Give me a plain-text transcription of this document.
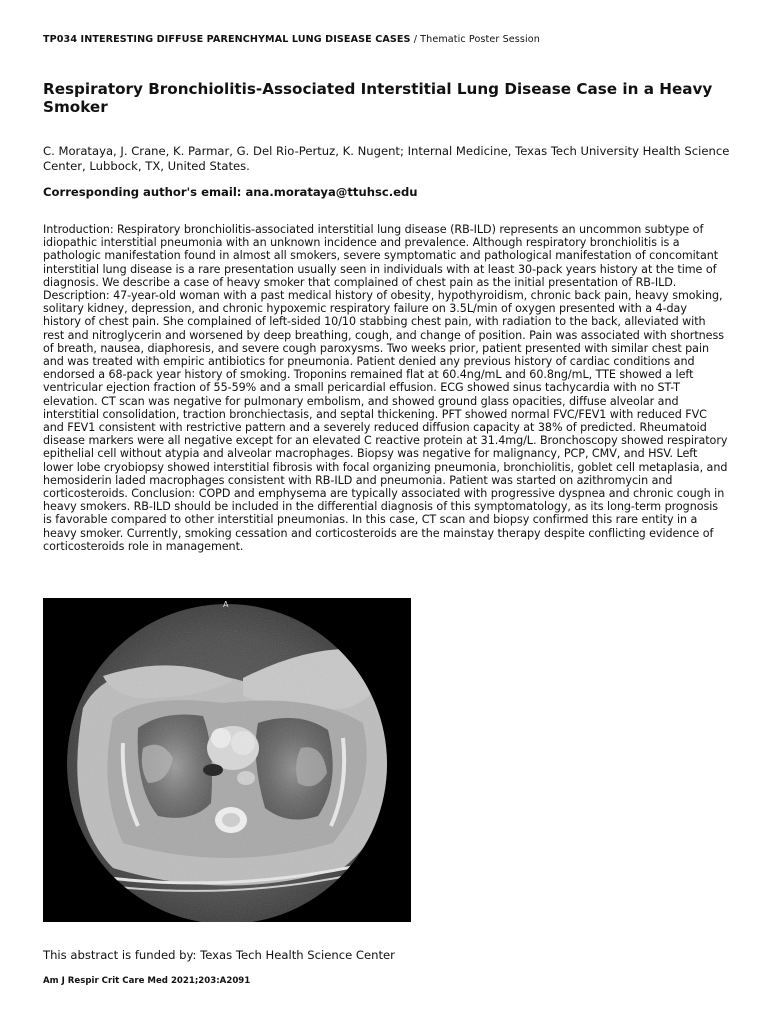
TP034 INTERESTING DIFFUSE PARENCHYMAL LUNG DISEASE CASES / Thematic Poster Session
Respiratory Bronchiolitis-Associated Interstitial Lung Disease Case in a Heavy Smoker
C. Morataya, J. Crane, K. Parmar, G. Del Rio-Pertuz, K. Nugent; Internal Medicine, Texas Tech University Health Science Center, Lubbock, TX, United States.
Corresponding author's email: ana.morataya@ttuhsc.edu
Introduction: Respiratory bronchiolitis-associated interstitial lung disease (RB-ILD) represents an uncommon subtype of idiopathic interstitial pneumonia with an unknown incidence and prevalence. Although respiratory bronchiolitis is a pathologic manifestation found in almost all smokers, severe symptomatic and pathological manifestation of concomitant interstitial lung disease is a rare presentation usually seen in individuals with at least 30-pack years history at the time of diagnosis. We describe a case of heavy smoker that complained of chest pain as the initial presentation of RB-ILD. Description: 47-year-old woman with a past medical history of obesity, hypothyroidism, chronic back pain, heavy smoking, solitary kidney, depression, and chronic hypoxemic respiratory failure on 3.5L/min of oxygen presented with a 4-day history of chest pain. She complained of left-sided 10/10 stabbing chest pain, with radiation to the back, alleviated with rest and nitroglycerin and worsened by deep breathing, cough, and change of position. Pain was associated with shortness of breath, nausea, diaphoresis, and severe cough paroxysms. Two weeks prior, patient presented with similar chest pain and was treated with empiric antibiotics for pneumonia. Patient denied any previous history of cardiac conditions and endorsed a 68-pack year history of smoking. Troponins remained flat at 60.4ng/mL and 60.8ng/mL, TTE showed a left ventricular ejection fraction of 55-59% and a small pericardial effusion. ECG showed sinus tachycardia with no ST-T elevation. CT scan was negative for pulmonary embolism, and showed ground glass opacities, diffuse alveolar and interstitial consolidation, traction bronchiectasis, and septal thickening. PFT showed normal FVC/FEV1 with reduced FVC and FEV1 consistent with restrictive pattern and a severely reduced diffusion capacity at 38% of predicted. Rheumatoid disease markers were all negative except for an elevated C reactive protein at 31.4mg/L. Bronchoscopy showed respiratory epithelial cell without atypia and alveolar macrophages. Biopsy was negative for malignancy, PCP, CMV, and HSV. Left lower lobe cryobiopsy showed interstitial fibrosis with focal organizing pneumonia, bronchiolitis, goblet cell metaplasia, and hemosiderin laded macrophages consistent with RB-ILD and pneumonia. Patient was started on azithromycin and corticosteroids. Conclusion: COPD and emphysema are typically associated with progressive dyspnea and chronic cough in heavy smokers. RB-ILD should be included in the differential diagnosis of this symptomatology, as its long-term prognosis is favorable compared to other interstitial pneumonias. In this case, CT scan and biopsy confirmed this rare entity in a heavy smoker. Currently, smoking cessation and corticosteroids are the mainstay therapy despite conflicting evidence of corticosteroids role in management.
A
This abstract is funded by: Texas Tech Health Science Center
Am J Respir Crit Care Med 2021;203:A2091
